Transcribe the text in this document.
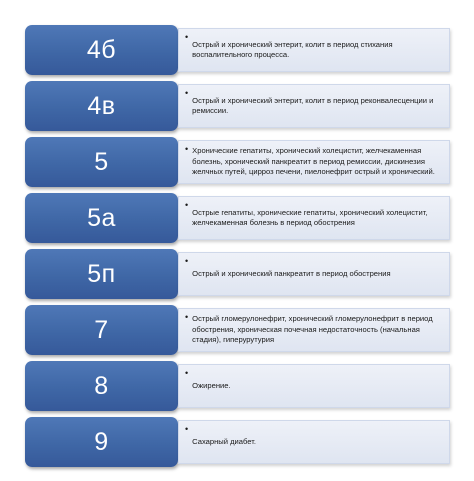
4б	•
Острый и хронический энтерит, колит в период стихания воспалительного процесса.
4в	•
Острый и хронический энтерит, колит в период реконвалесценции и ремиссии.
5	• Хронические гепатиты, хронический холецистит, желчекаменная болезнь, хронический панкреатит в период ремиссии, дискинезия желчных путей, цирроз печени, пиелонефрит острый и хронический.
5а	•
Острые гепатиты, хронические гепатиты, хронический холецистит, желчекаменная болезнь в период обострения
5п	•
Острый и хронический панкреатит в период обострения
7	• Острый гломерулонефрит, хронический гломерулонефрит в период обострения, хроническая почечная недостаточность (начальная стадия), гиперурутурия
8	•
Ожирение.
9	•
Сахарный диабет.
